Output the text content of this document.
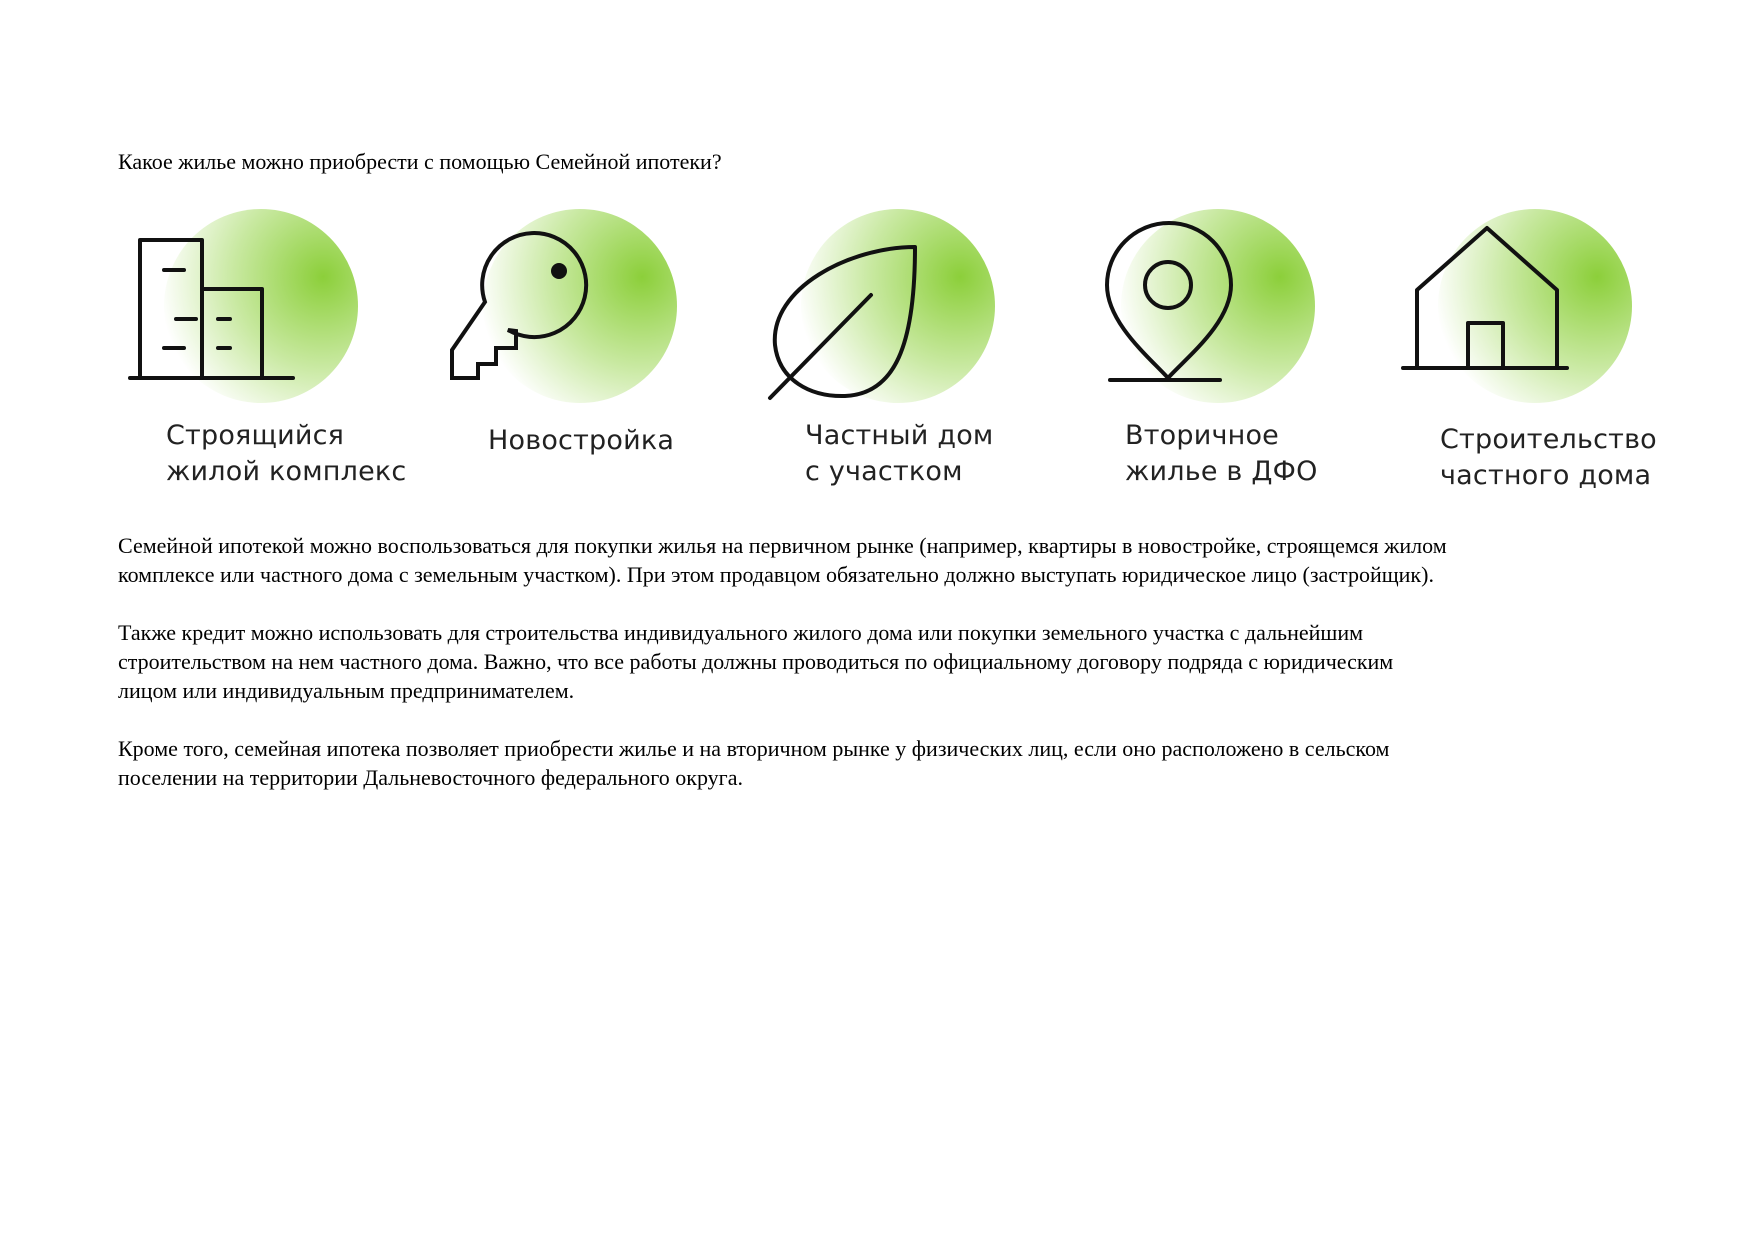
Какое жилье можно приобрести с помощью Семейной ипотеки?
Строящийся
жилой комплекс
Новостройка	Частный дом
с участком
Вторичное
жилье в ДФО
Строительство
частного дома

Семейной ипотекой можно воспользоваться для покупки жилья на первичном рынке (например, квартиры в новостройке, строящемся жилом
комплексе или частного дома с земельным участком). При этом продавцом обязательно должно выступать юридическое лицо (застройщик).

Также кредит можно использовать для строительства индивидуального жилого дома или покупки земельного участка с дальнейшим
строительством на нем частного дома. Важно, что все работы должны проводиться по официальному договору подряда с юридическим
лицом или индивидуальным предпринимателем.

Кроме того, семейная ипотека позволяет приобрести жилье и на вторичном рынке у физических лиц, если оно расположено в сельском
поселении на территории Дальневосточного федерального округа.
